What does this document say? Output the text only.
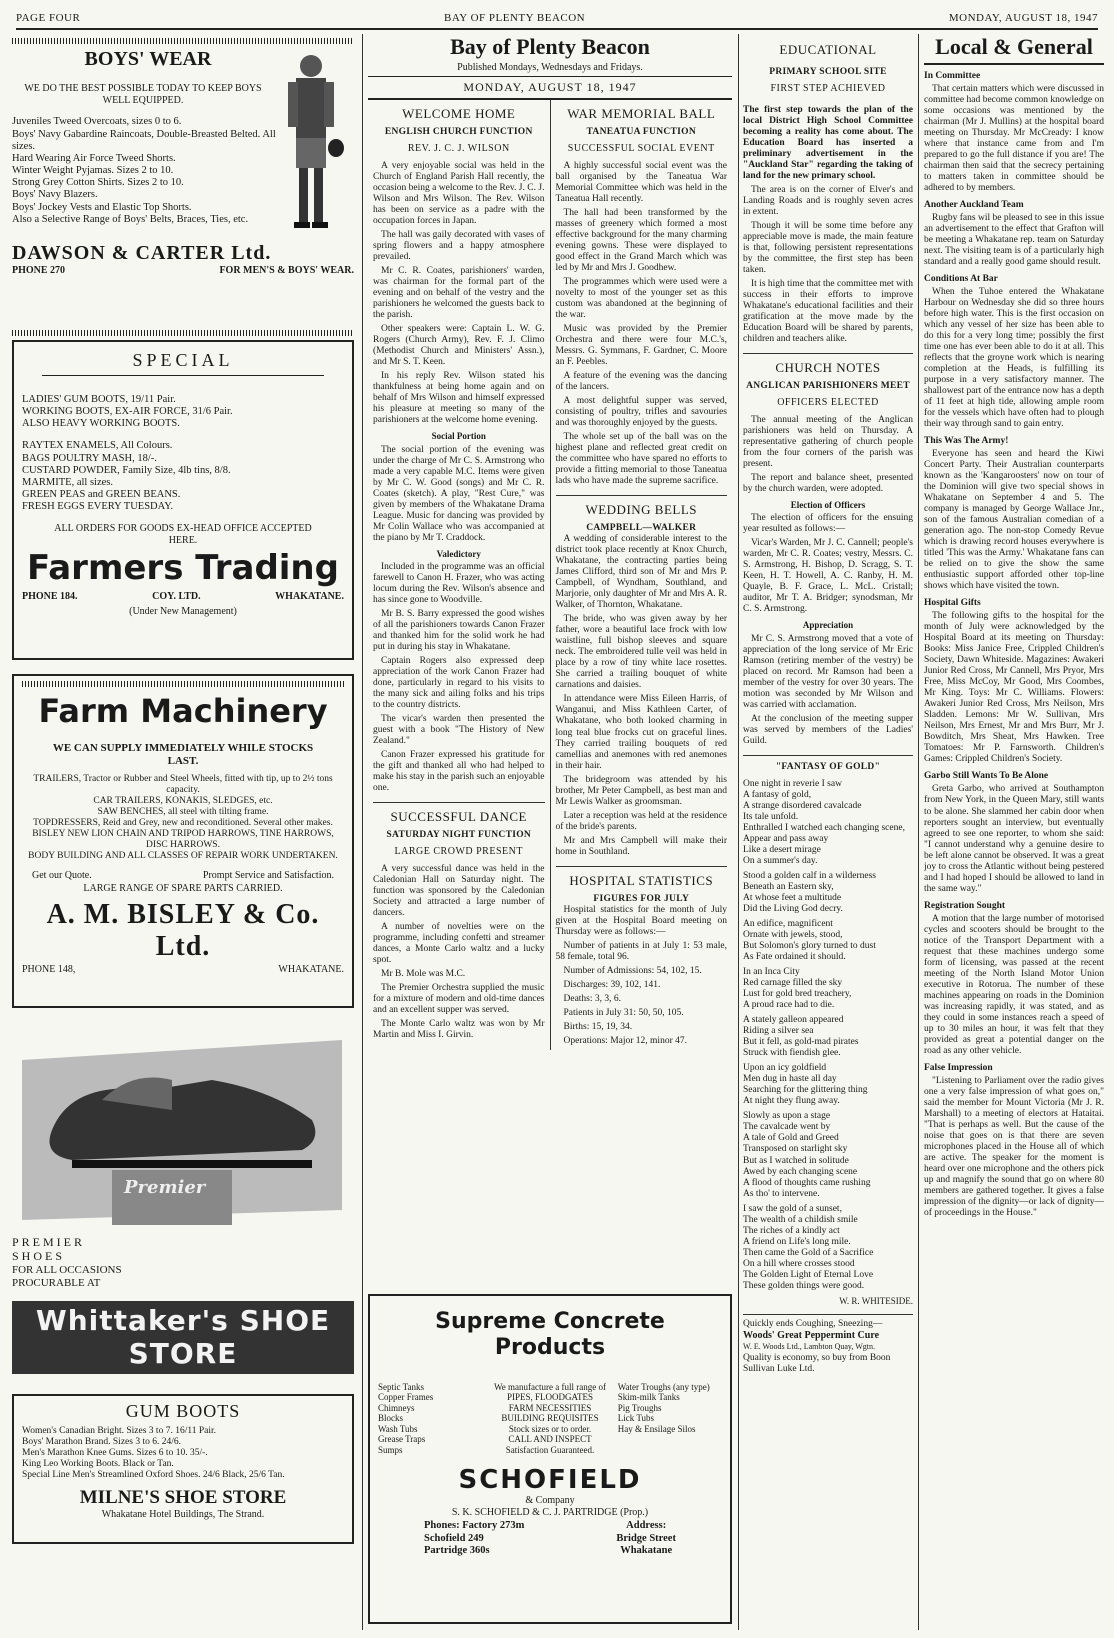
PAGE FOUR	BAY OF PLENTY BEACON	MONDAY, AUGUST 18, 1947
BOYS' WEAR
WE DO THE BEST POSSIBLE TODAY TO KEEP BOYS WELL EQUIPPED.
Juveniles Tweed Overcoats, sizes 0 to 6.
Boys' Navy Gabardine Raincoats, Double-Breasted Belted. All sizes.
Hard Wearing Air Force Tweed Shorts.
Winter Weight Pyjamas. Sizes 2 to 10.
Strong Grey Cotton Shirts. Sizes 2 to 10.
Boys' Navy Blazers.
Boys' Jockey Vests and Elastic Top Shorts.
Also a Selective Range of Boys' Belts, Braces, Ties, etc.
DAWSON & CARTER Ltd.
PHONE 270	FOR MEN'S & BOYS' WEAR.
SPECIAL
LADIES' GUM BOOTS, 19/11 Pair.
WORKING BOOTS, EX-AIR FORCE, 31/6 Pair.
ALSO HEAVY WORKING BOOTS.
RAYTEX ENAMELS, All Colours.
BAGS POULTRY MASH, 18/-.
CUSTARD POWDER, Family Size, 4lb tins, 8/8.
MARMITE, all sizes.
GREEN PEAS and GREEN BEANS.
FRESH EGGS EVERY TUESDAY.
ALL ORDERS FOR GOODS EX-HEAD OFFICE ACCEPTED HERE.
Farmers Trading
PHONE 184.	COY. LTD.	WHAKATANE.
(Under New Management)
Farm Machinery
WE CAN SUPPLY IMMEDIATELY WHILE STOCKS LAST.
TRAILERS, Tractor or Rubber and Steel Wheels, fitted with tip, up to 2½ tons capacity.
CAR TRAILERS, KONAKIS, SLEDGES, etc.
SAW BENCHES, all steel with tilting frame.
TOPDRESSERS, Reid and Grey, new and reconditioned. Several other makes.
BISLEY NEW LION CHAIN AND TRIPOD HARROWS, TINE HARROWS, DISC HARROWS.
BODY BUILDING AND ALL CLASSES OF REPAIR WORK UNDERTAKEN.
Get our Quote.	Prompt Service and Satisfaction.
LARGE RANGE OF SPARE PARTS CARRIED.
A. M. BISLEY & Co. Ltd.
PHONE 148,	WHAKATANE.
Premier
PREMIER
SHOES
FOR ALL OCCASIONS
PROCURABLE AT
Whittaker's SHOE STORE
GUM BOOTS
Women's Canadian Bright. Sizes 3 to 7. 16/11 Pair.
Boys' Marathon Brand. Sizes 3 to 6. 24/6.
Men's Marathon Knee Gums. Sizes 6 to 10. 35/-.
King Leo Working Boots. Black or Tan.
Special Line Men's Streamlined Oxford Shoes. 24/6 Black, 25/6 Tan.
MILNE'S SHOE STORE
Whakatane Hotel Buildings, The Strand.
Bay of Plenty Beacon
Published Mondays, Wednesdays and Fridays.
MONDAY, AUGUST 18, 1947
WELCOME HOME
ENGLISH CHURCH FUNCTION
REV. J. C. J. WILSON

A very enjoyable social was held in the Church of England Parish Hall recently, the occasion being a welcome to the Rev. J. C. J. Wilson and Mrs Wilson. The Rev. Wilson has been on service as a padre with the occupation forces in Japan.

The hall was gaily decorated with vases of spring flowers and a happy atmosphere prevailed.

Mr C. R. Coates, parishioners' warden, was chairman for the formal part of the evening and on behalf of the vestry and the parishioners he welcomed the guests back to the parish.

Other speakers were: Captain L. W. G. Rogers (Church Army), Rev. F. J. Climo (Methodist Church and Ministers' Assn.), and Mr S. T. Keen.

In his reply Rev. Wilson stated his thankfulness at being home again and on behalf of Mrs Wilson and himself expressed his pleasure at meeting so many of the parishioners at the welcome home evening.

Social Portion

The social portion of the evening was under the charge of Mr C. S. Armstrong who made a very capable M.C. Items were given by Mr C. W. Good (songs) and Mr C. R. Coates (sketch). A play, "Rest Cure," was given by members of the Whakatane Drama League. Music for dancing was provided by Mr Colin Wallace who was accompanied at the piano by Mr T. Craddock.

Valedictory

Included in the programme was an official farewell to Canon H. Frazer, who was acting locum during the Rev. Wilson's absence and has since gone to Woodville.

Mr B. S. Barry expressed the good wishes of all the parishioners towards Canon Frazer and thanked him for the solid work he had put in during his stay in Whakatane.

Captain Rogers also expressed deep appreciation of the work Canon Frazer had done, particularly in regard to his visits to the many sick and ailing folks and his trips to the country districts.

The vicar's warden then presented the guest with a book "The History of New Zealand."

Canon Frazer expressed his gratitude for the gift and thanked all who had helped to make his stay in the parish such an enjoyable one.

SUCCESSFUL DANCE
SATURDAY NIGHT FUNCTION
LARGE CROWD PRESENT

A very successful dance was held in the Caledonian Hall on Saturday night. The function was sponsored by the Caledonian Society and attracted a large number of dancers.

A number of novelties were on the programme, including confetti and streamer dances, a Monte Carlo waltz and a lucky spot.

Mr B. Mole was M.C.

The Premier Orchestra supplied the music for a mixture of modern and old-time dances and an excellent supper was served.

The Monte Carlo waltz was won by Mr Martin and Miss I. Girvin.

WAR MEMORIAL BALL
TANEATUA FUNCTION
SUCCESSFUL SOCIAL EVENT

A highly successful social event was the ball organised by the Taneatua War Memorial Committee which was held in the Taneatua Hall recently.

The hall had been transformed by the masses of greenery which formed a most effective background for the many charming evening gowns. These were displayed to good effect in the Grand March which was led by Mr and Mrs J. Goodhew.

The programmes which were used were a novelty to most of the younger set as this custom was abandoned at the beginning of the war.

Music was provided by the Premier Orchestra and there were four M.C.'s, Messrs. G. Symmans, F. Gardner, C. Moore an F. Peebles.

A feature of the evening was the dancing of the lancers.

A most delightful supper was served, consisting of poultry, trifles and savouries and was thoroughly enjoyed by the guests.

The whole set up of the ball was on the highest plane and reflected great credit on the committee who have spared no efforts to provide a fitting memorial to those Taneatua lads who have made the supreme sacrifice.

WEDDING BELLS
CAMPBELL—WALKER

A wedding of considerable interest to the district took place recently at Knox Church, Whakatane, the contracting parties being James Clifford, third son of Mr and Mrs P. Campbell, of Wyndham, Southland, and Marjorie, only daughter of Mr and Mrs A. R. Walker, of Thornton, Whakatane.

The bride, who was given away by her father, wore a beautiful lace frock with low waistline, full bishop sleeves and square neck. The embroidered tulle veil was held in place by a row of tiny white lace rosettes. She carried a trailing bouquet of white carnations and daisies.

In attendance were Miss Eileen Harris, of Wanganui, and Miss Kathleen Carter, of Whakatane, who both looked charming in long teal blue frocks cut on graceful lines. They carried trailing bouquets of red camellias and anemones with red anemones in their hair.

The bridegroom was attended by his brother, Mr Peter Campbell, as best man and Mr Lewis Walker as groomsman.

Later a reception was held at the residence of the bride's parents.

Mr and Mrs Campbell will make their home in Southland.

HOSPITAL STATISTICS
FIGURES FOR JULY

Hospital statistics for the month of July given at the Hospital Board meeting on Thursday were as follows:—

Number of patients in at July 1: 53 male, 58 female, total 96.

Number of Admissions: 54, 102, 15.

Discharges: 39, 102, 141.

Deaths: 3, 3, 6.

Patients in July 31: 50, 50, 105.

Births: 15, 19, 34.

Operations: Major 12, minor 47.

Supreme Concrete
Products
Septic Tanks
Copper Frames
Chimneys
Blocks
Wash Tubs
Grease Traps
Sumps
We manufacture a full range of
PIPES, FLOODGATES
FARM NECESSITIES
BUILDING REQUISITES
Stock sizes or to order.
CALL AND INSPECT
Satisfaction Guaranteed.
Water Troughs (any type)
Skim-milk Tanks
Pig Troughs
Lick Tubs
Hay & Ensilage Silos
SCHOFIELD
& Company
S. K. SCHOFIELD & C. J. PARTRIDGE (Prop.)
Phones: Factory 273m
Schofield 249
Partridge 360s
Address:
Bridge Street
Whakatane
EDUCATIONAL
PRIMARY SCHOOL SITE
FIRST STEP ACHIEVED

The first step towards the plan of the local District High School Committee becoming a reality has come about. The Education Board has inserted a preliminary advertisement in the "Auckland Star" regarding the taking of land for the new primary school.

The area is on the corner of Elver's and Landing Roads and is roughly seven acres in extent.

Though it will be some time before any appreciable move is made, the main feature is that, following persistent representations by the committee, the first step has been taken.

It is high time that the committee met with success in their efforts to improve Whakatane's educational facilities and their gratification at the move made by the Education Board will be shared by parents, children and teachers alike.

CHURCH NOTES
ANGLICAN PARISHIONERS MEET
OFFICERS ELECTED

The annual meeting of the Anglican parishioners was held on Thursday. A representative gathering of church people from the four corners of the parish was present.

The report and balance sheet, presented by the church warden, were adopted.

Election of Officers

The election of officers for the ensuing year resulted as follows:—

Vicar's Warden, Mr J. C. Cannell; people's warden, Mr C. R. Coates; vestry, Messrs. C. S. Armstrong, H. Bishop, D. Scragg, S. T. Keen, H. T. Howell, A. C. Ranby, H. M. Quayle, B. F. Grace, L. McL. Cristall; auditor, Mr T. A. Bridger; synodsman, Mr C. S. Armstrong.

Appreciation

Mr C. S. Armstrong moved that a vote of appreciation of the long service of Mr Eric Ramson (retiring member of the vestry) be placed on record. Mr Ramson had been a member of the vestry for over 30 years. The motion was seconded by Mr Wilson and was carried with acclamation.

At the conclusion of the meeting supper was served by members of the Ladies' Guild.

"FANTASY OF GOLD"
One night in reverie I saw
A fantasy of gold,
A strange disordered cavalcade
Its tale unfold.
Enthralled I watched each changing scene,
Appear and pass away
Like a desert mirage
On a summer's day.
Stood a golden calf in a wilderness
Beneath an Eastern sky,
At whose feet a multitude
Did the Living God decry.
An edifice, magnificent
Ornate with jewels, stood,
But Solomon's glory turned to dust
As Fate ordained it should.
In an Inca City
Red carnage filled the sky
Lust for gold bred treachery,
A proud race had to die.
A stately galleon appeared
Riding a silver sea
But it fell, as gold-mad pirates
Struck with fiendish glee.
Upon an icy goldfield
Men dug in haste all day
Searching for the glittering thing
At night they flung away.
Slowly as upon a stage
The cavalcade went by
A tale of Gold and Greed
Transposed on starlight sky
But as I watched in solitude
Awed by each changing scene
A flood of thoughts came rushing
As tho' to intervene.
I saw the gold of a sunset,
The wealth of a childish smile
The riches of a kindly act
A friend on Life's long mile.
Then came the Gold of a Sacrifice
On a hill where crosses stood
The Golden Light of Eternal Love
These golden things were good.
W. R. WHITESIDE.
Quickly ends Coughing, Sneezing—
Woods' Great Peppermint Cure
W. E. Woods Ltd., Lambton Quay, Wgtn.
Quality is economy, so buy from Boon Sullivan Luke Ltd.
Local & General
In Committee

That certain matters which were discussed in committee had become common knowledge on some occasions was mentioned by the chairman (Mr J. Mullins) at the hospital board meeting on Thursday. Mr McCready: I know where that instance came from and I'm prepared to go the full distance if you are! The chairman then said that the secrecy pertaining to matters taken in committee should be adhered to by members.

Another Auckland Team

Rugby fans wil be pleased to see in this issue an advertisement to the effect that Grafton will be meeting a Whakatane rep. team on Saturday next. The visiting team is of a particularly high standard and a really good game should result.

Conditions At Bar

When the Tuhoe entered the Whakatane Harbour on Wednesday she did so three hours before high water. This is the first occasion on which any vessel of her size has been able to do this for a very long time; possibly the first time one has ever been able to do it at all. This reflects that the groyne work which is nearing completion at the Heads, is fulfilling its purpose in a very satisfactory manner. The shallowest part of the entrance now has a depth of 11 feet at high tide, allowing ample room for the vessels which have often had to plough their way through sand to gain entry.

This Was The Army!

Everyone has seen and heard the Kiwi Concert Party. Their Australian counterparts known as the 'Kangaroosters' now on tour of the Dominion will give two special shows in Whakatane on September 4 and 5. The company is managed by George Wallace Jnr., son of the famous Australian comedian of a generation ago. The non-stop Comedy Revue which is drawing record houses everywhere is titled 'This was the Army.' Whakatane fans can be relied on to give the show the same enthusiastic support afforded other top-line shows which have visited the town.

Hospital Gifts

The following gifts to the hospital for the month of July were acknowledged by the Hospital Board at its meeting on Thursday: Books: Miss Janice Free, Crippled Children's Society, Dawn Whiteside. Magazines: Awakeri Junior Red Cross, Mr Cannell, Mrs Pryor, Mrs Free, Miss McCoy, Mr Good, Mrs Coombes, Mr King. Toys: Mr C. Williams. Flowers: Awakeri Junior Red Cross, Mrs Neilson, Mrs Sladden. Lemons: Mr W. Sullivan, Mrs Neilson, Mrs Ernest, Mr and Mrs Burr, Mr J. Bowditch, Mrs Sheat, Mrs Hawken. Tree Tomatoes: Mr P. Farnsworth. Children's Games: Crippled Children's Society.

Garbo Still Wants To Be Alone

Greta Garbo, who arrived at Southampton from New York, in the Queen Mary, still wants to be alone. She slammed her cabin door when reporters sought an interview, but eventually agreed to see one reporter, to whom she said: "I cannot understand why a genuine desire to be left alone cannot be observed. It was a great joy to cross the Atlantic without being pestered and I had hoped I should be allowed to land in the same way."

Registration Sought

A motion that the large number of motorised cycles and scooters should be brought to the notice of the Transport Department with a request that these machines undergo some form of licensing, was passed at the recent meeting of the North Island Motor Union executive in Rotorua. The number of these machines appearing on roads in the Dominion was increasing rapidly, it was stated, and as they could in some instances reach a speed of up to 30 miles an hour, it was felt that they provided as great a potential danger on the road as any other vehicle.

False Impression

"Listening to Parliament over the radio gives one a very false impression of what goes on," said the member for Mount Victoria (Mr J. R. Marshall) to a meeting of electors at Hataitai. "That is perhaps as well. But the cause of the noise that goes on is that there are seven microphones placed in the House all of which are active. The speaker for the moment is heard over one microphone and the others pick up and magnify the sound that go on where 80 members are gathered together. It gives a false impression of the dignity—or lack of dignity—of proceedings in the House."
